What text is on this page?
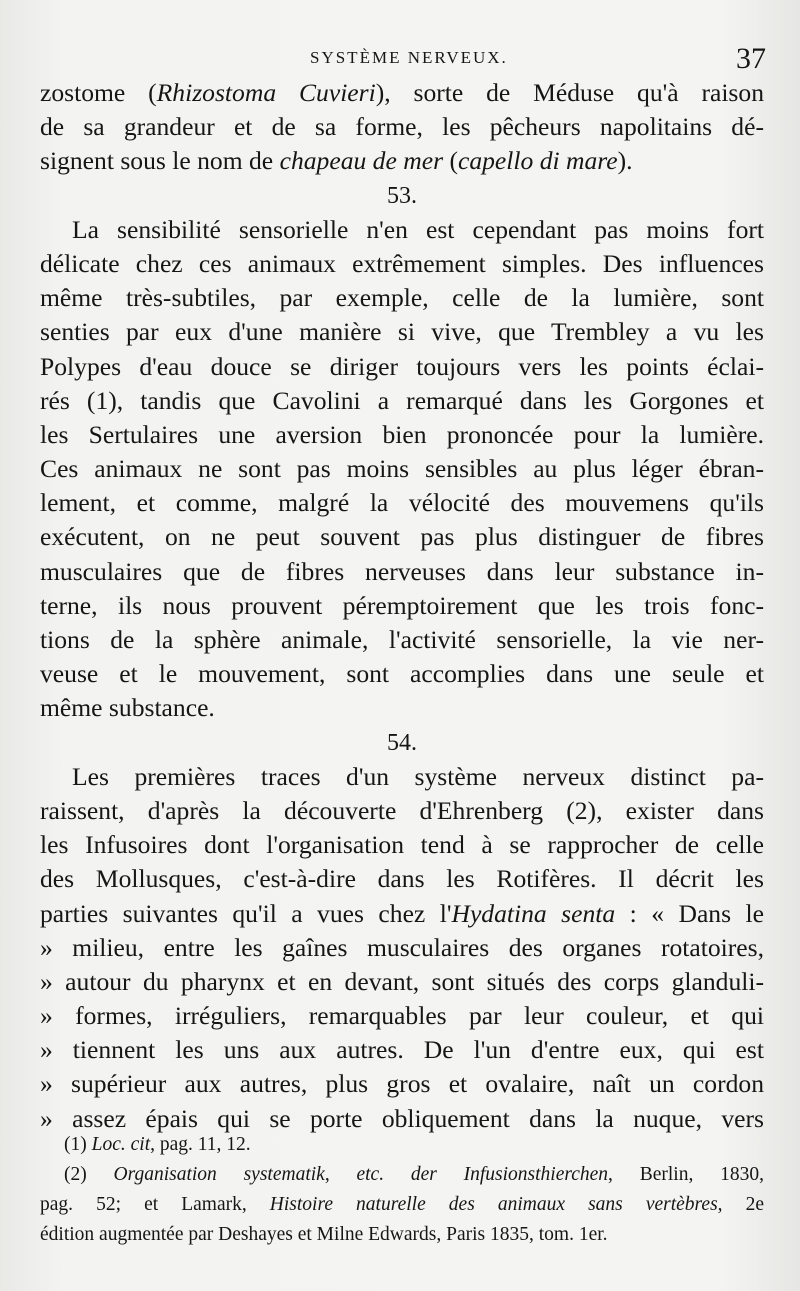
SYSTÈME NERVEUX.	37
zostome (Rhizostoma Cuvieri), sorte de Méduse qu'à raison
de sa grandeur et de sa forme, les pêcheurs napolitains dé-
signent sous le nom de chapeau de mer (capello di mare).
53.
La sensibilité sensorielle n'en est cependant pas moins fort
délicate chez ces animaux extrêmement simples. Des influences
même très-subtiles, par exemple, celle de la lumière, sont
senties par eux d'une manière si vive, que Trembley a vu les
Polypes d'eau douce se diriger toujours vers les points éclai-
rés (1), tandis que Cavolini a remarqué dans les Gorgones et
les Sertulaires une aversion bien prononcée pour la lumière.
Ces animaux ne sont pas moins sensibles au plus léger ébran-
lement, et comme, malgré la vélocité des mouvemens qu'ils
exécutent, on ne peut souvent pas plus distinguer de fibres
musculaires que de fibres nerveuses dans leur substance in-
terne, ils nous prouvent péremptoirement que les trois fonc-
tions de la sphère animale, l'activité sensorielle, la vie ner-
veuse et le mouvement, sont accomplies dans une seule et
même substance.
54.
Les premières traces d'un système nerveux distinct pa-
raissent, d'après la découverte d'Ehrenberg (2), exister dans
les Infusoires dont l'organisation tend à se rapprocher de celle
des Mollusques, c'est-à-dire dans les Rotifères. Il décrit les
parties suivantes qu'il a vues chez l'Hydatina senta : « Dans le
» milieu, entre les gaînes musculaires des organes rotatoires,
» autour du pharynx et en devant, sont situés des corps glanduli-
» formes, irréguliers, remarquables par leur couleur, et qui
» tiennent les uns aux autres. De l'un d'entre eux, qui est
» supérieur aux autres, plus gros et ovalaire, naît un cordon
» assez épais qui se porte obliquement dans la nuque, vers
(1) Loc. cit, pag. 11, 12.
(2) Organisation systematik, etc. der Infusionsthierchen, Berlin, 1830,
pag. 52; et Lamark, Histoire naturelle des animaux sans vertèbres, 2e
édition augmentée par Deshayes et Milne Edwards, Paris 1835, tom. 1er.
